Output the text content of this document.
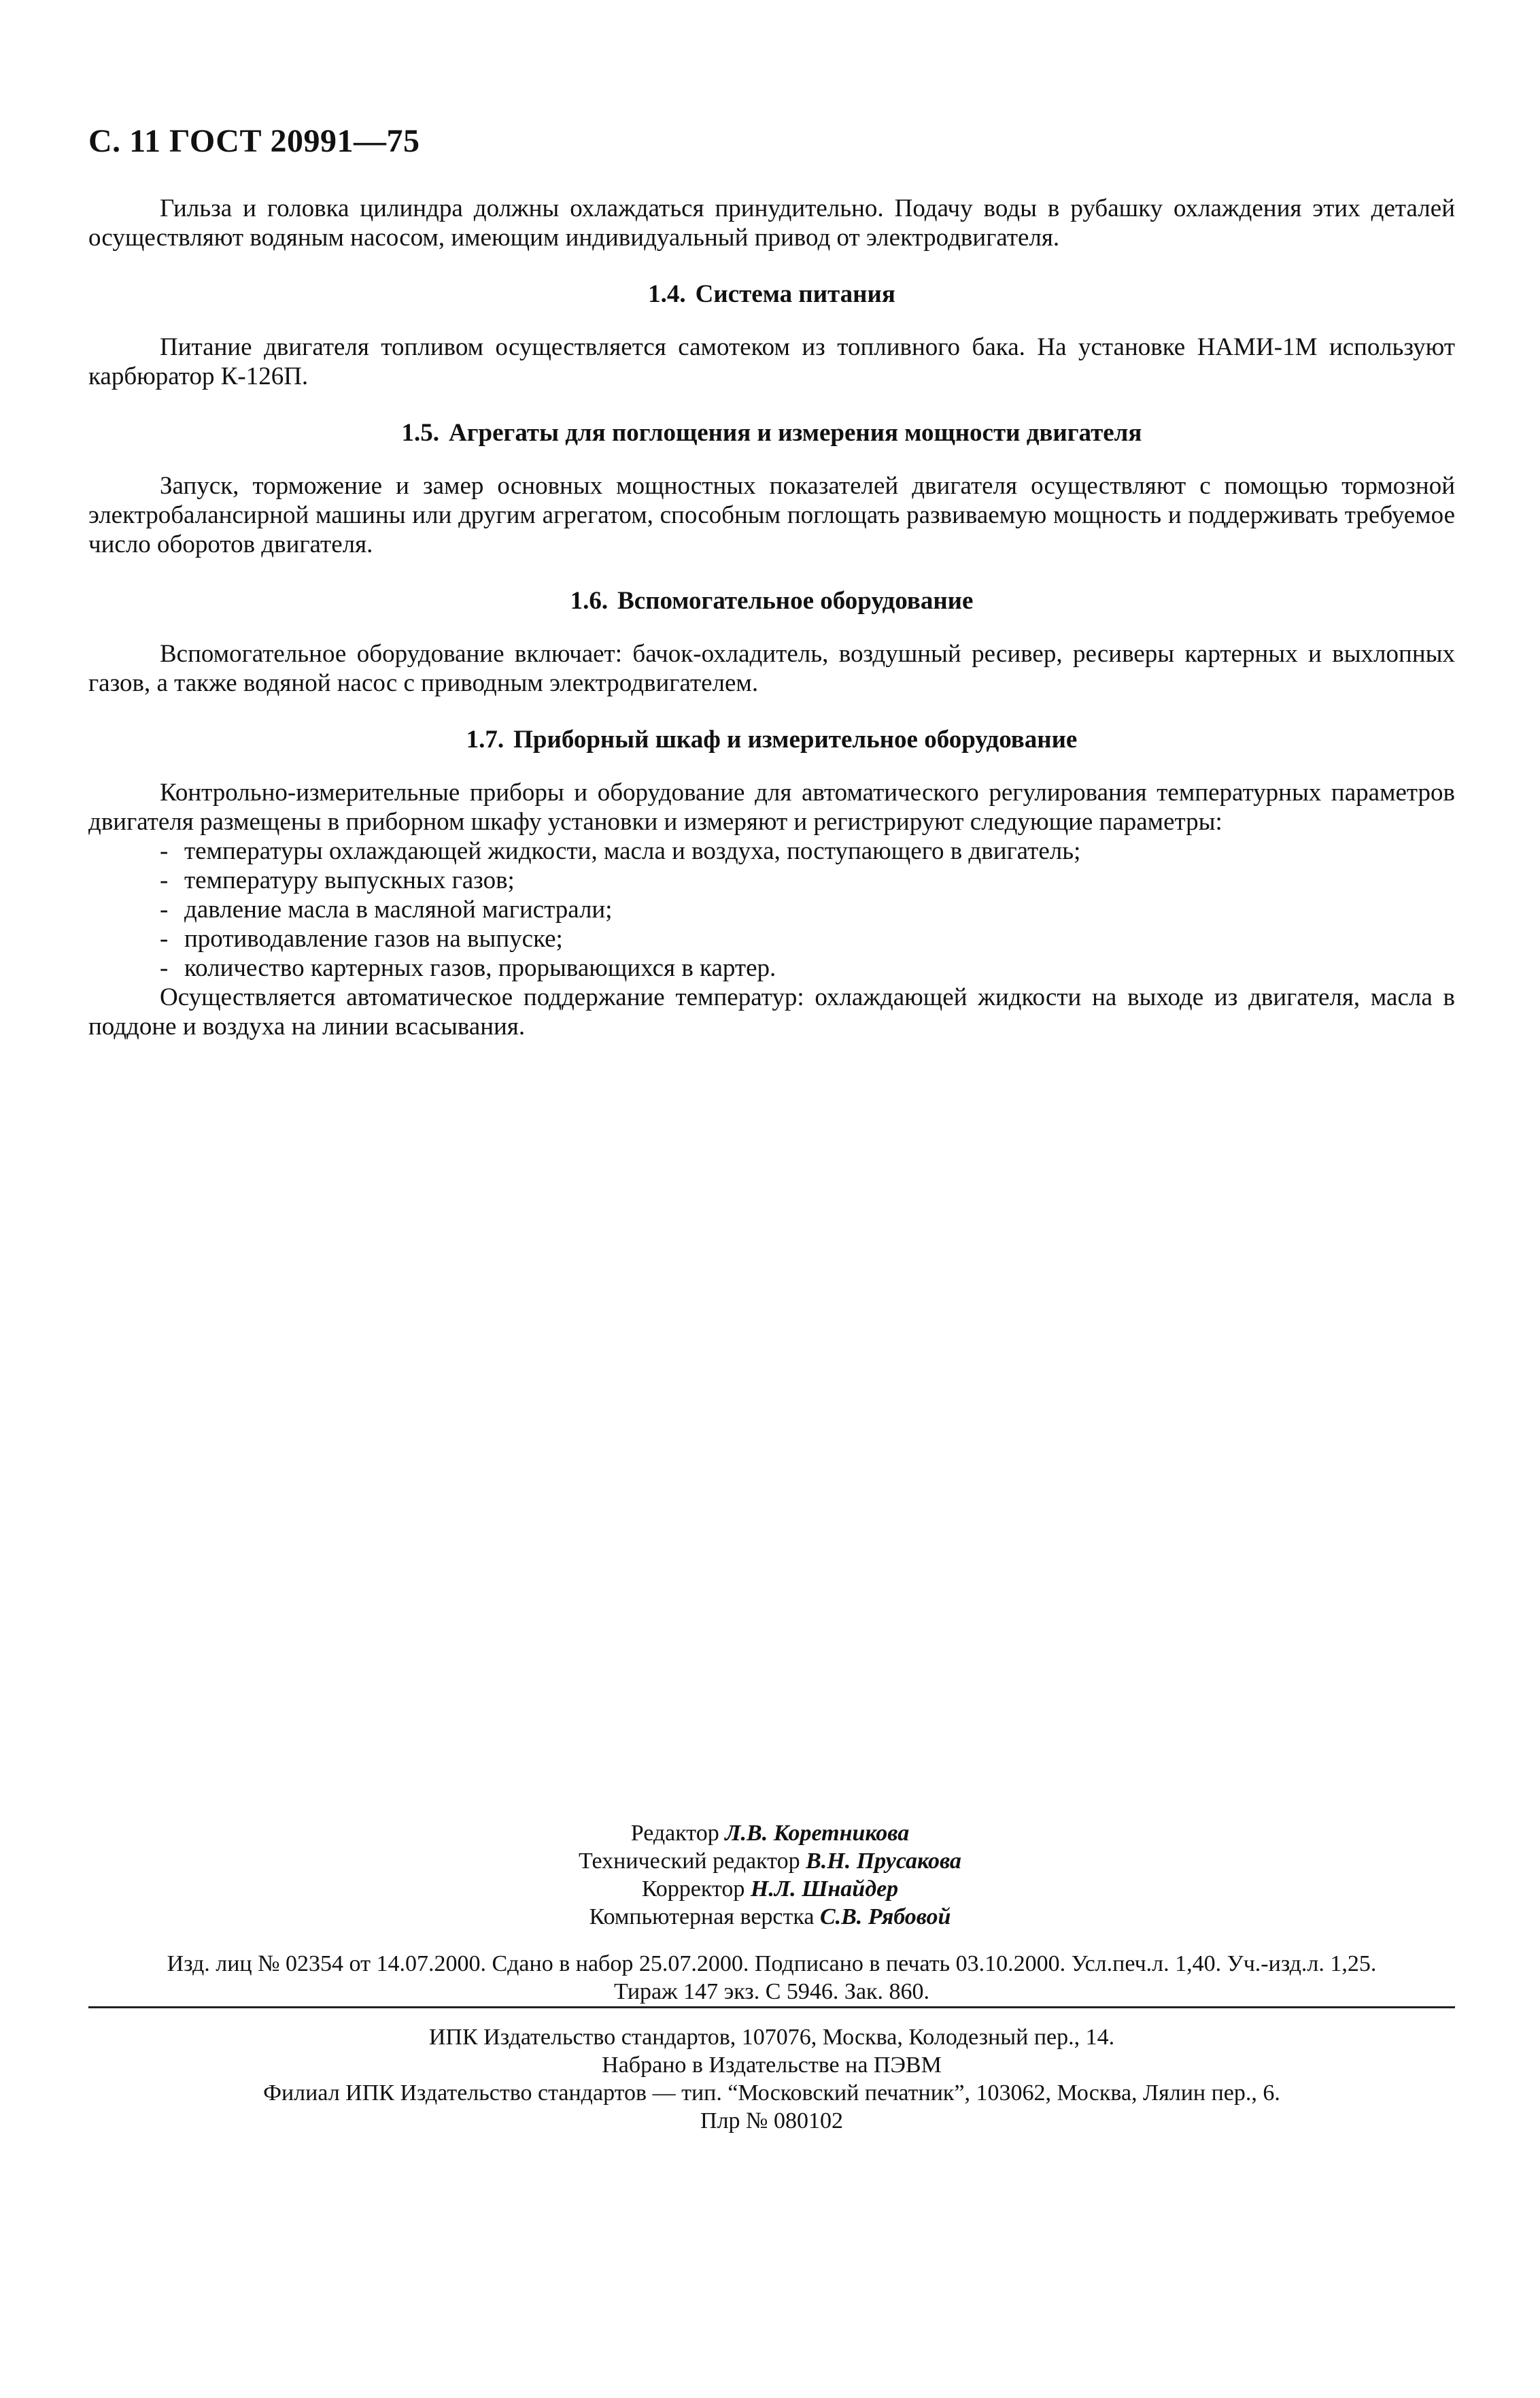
С. 11 ГОСТ 20991—75

Гильза и головка цилиндра должны охлаждаться принудительно. Подачу воды в рубашку охлаждения этих деталей осуществляют водяным насосом, имеющим индивидуальный привод от электродвигателя.

1.4. Система питания

Питание двигателя топливом осуществляется самотеком из топливного бака. На установке НАМИ-1М используют карбюратор К-126П.

1.5. Агрегаты для поглощения и измерения мощности двигателя

Запуск, торможение и замер основных мощностных показателей двигателя осуществляют с помощью тормозной электробалансирной машины или другим агрегатом, способным поглощать развиваемую мощность и поддерживать требуемое число оборотов двигателя.

1.6. Вспомогательное оборудование

Вспомогательное оборудование включает: бачок-охладитель, воздушный ресивер, ресиверы картерных и выхлопных газов, а также водяной насос с приводным электродвигателем.

1.7. Приборный шкаф и измерительное оборудование

Контрольно-измерительные приборы и оборудование для автоматического регулирования температурных параметров двигателя размещены в приборном шкафу установки и измеряют и регистрируют следующие параметры:

- температуры охлаждающей жидкости, масла и воздуха, поступающего в двигатель;
- температуру выпускных газов;
- давление масла в масляной магистрали;
- противодавление газов на выпуске;
- количество картерных газов, прорывающихся в картер.

Осуществляется автоматическое поддержание температур: охлаждающей жидкости на выходе из двигателя, масла в поддоне и воздуха на линии всасывания.

Редактор Л.В. Коретникова
Технический редактор В.Н. Прусакова
Корректор Н.Л. Шнайдер
Компьютерная верстка С.В. Рябовой
Изд. лиц № 02354 от 14.07.2000. Сдано в набор 25.07.2000. Подписано в печать 03.10.2000. Усл.печ.л. 1,40. Уч.-изд.л. 1,25.
Тираж 147 экз. С 5946. Зак. 860.
ИПК Издательство стандартов, 107076, Москва, Колодезный пер., 14.
Набрано в Издательстве на ПЭВМ
Филиал ИПК Издательство стандартов — тип. “Московский печатник”, 103062, Москва, Лялин пер., 6.
Плр № 080102
